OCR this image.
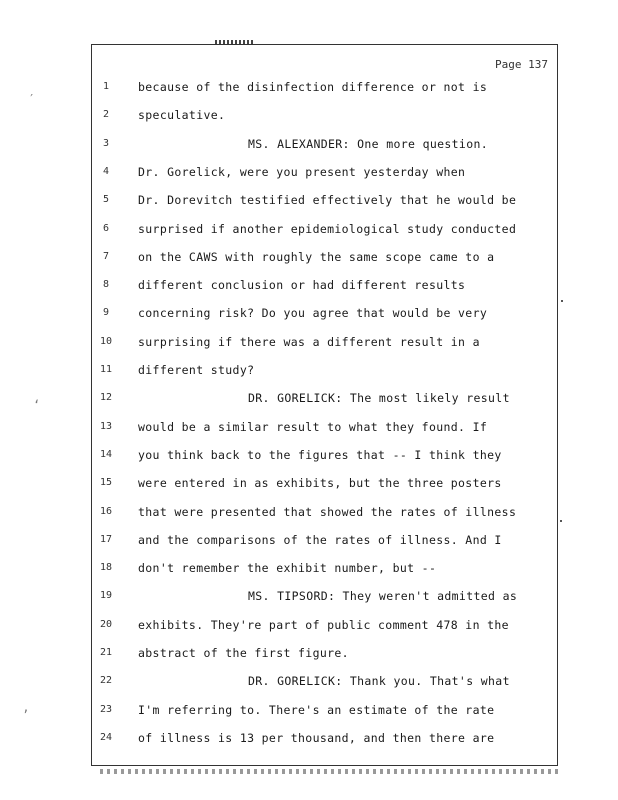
Page 137
1	because of the disinfection difference or not is
2	speculative.
3	MS. ALEXANDER: One more question.
4	Dr. Gorelick, were you present yesterday when
5	Dr. Dorevitch testified effectively that he would be
6	surprised if another epidemiological study conducted
7	on the CAWS with roughly the same scope came to a
8	different conclusion or had different results
9	concerning risk? Do you agree that would be very
10	surprising if there was a different result in a
11	different study?
12	DR. GORELICK: The most likely result
13	would be a similar result to what they found. If
14	you think back to the figures that -- I think they
15	were entered in as exhibits, but the three posters
16	that were presented that showed the rates of illness
17	and the comparisons of the rates of illness. And I
18	don't remember the exhibit number, but --
19	MS. TIPSORD: They weren't admitted as
20	exhibits. They're part of public comment 478 in the
21	abstract of the first figure.
22	DR. GORELICK: Thank you. That's what
23	I'm referring to. There's an estimate of the rate
24	of illness is 13 per thousand, and then there are
′
‘
’
